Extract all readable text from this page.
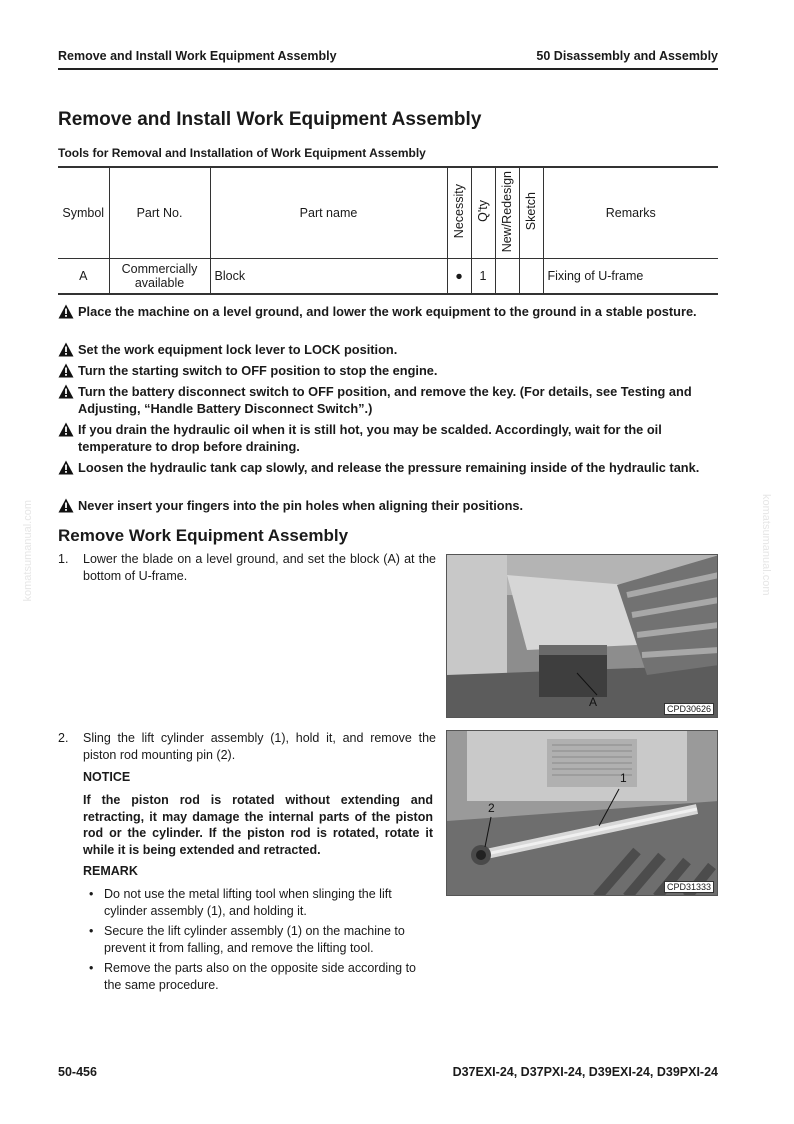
Remove and Install Work Equipment Assembly	50 Disassembly and Assembly
Remove and Install Work Equipment Assembly
Tools for Removal and Installation of Work Equipment Assembly
Symbol	Part No.	Part name	Necessity	Q'ty	New/Redesign	Sketch	Remarks
A	Commercially available	Block	●	1			Fixing of U-frame
Place the machine on a level ground, and lower the work equipment to the ground in a stable posture.
Set the work equipment lock lever to LOCK position.
Turn the starting switch to OFF position to stop the engine.
Turn the battery disconnect switch to OFF position, and remove the key. (For details, see Testing and Adjusting, “Handle Battery Disconnect Switch”.)
If you drain the hydraulic oil when it is still hot, you may be scalded. Accordingly, wait for the oil temperature to drop before draining.
Loosen the hydraulic tank cap slowly, and release the pressure remaining inside of the hydraulic tank.
Never insert your fingers into the pin holes when aligning their positions.
Remove Work Equipment Assembly
1. Lower the blade on a level ground, and set the block (A) at the bottom of U-frame.
2. Sling the lift cylinder assembly (1), hold it, and remove the piston rod mounting pin (2).
NOTICE
If the piston rod is rotated without extending and retracting, it may damage the internal parts of the piston rod or the cylinder. If the piston rod is rotated, rotate it while it is being extended and retracted.
REMARK
• Do not use the metal lifting tool when slinging the lift cylinder assembly (1), and holding it.
• Secure the lift cylinder assembly (1) on the machine to prevent it from falling, and remove the lifting tool.
• Remove the parts also on the opposite side according to the same procedure.
A	CPD30626
1
2
CPD31333
komatsumanual.com	komatsumanual.com
50-456	D37EXI-24, D37PXI-24, D39EXI-24, D39PXI-24
